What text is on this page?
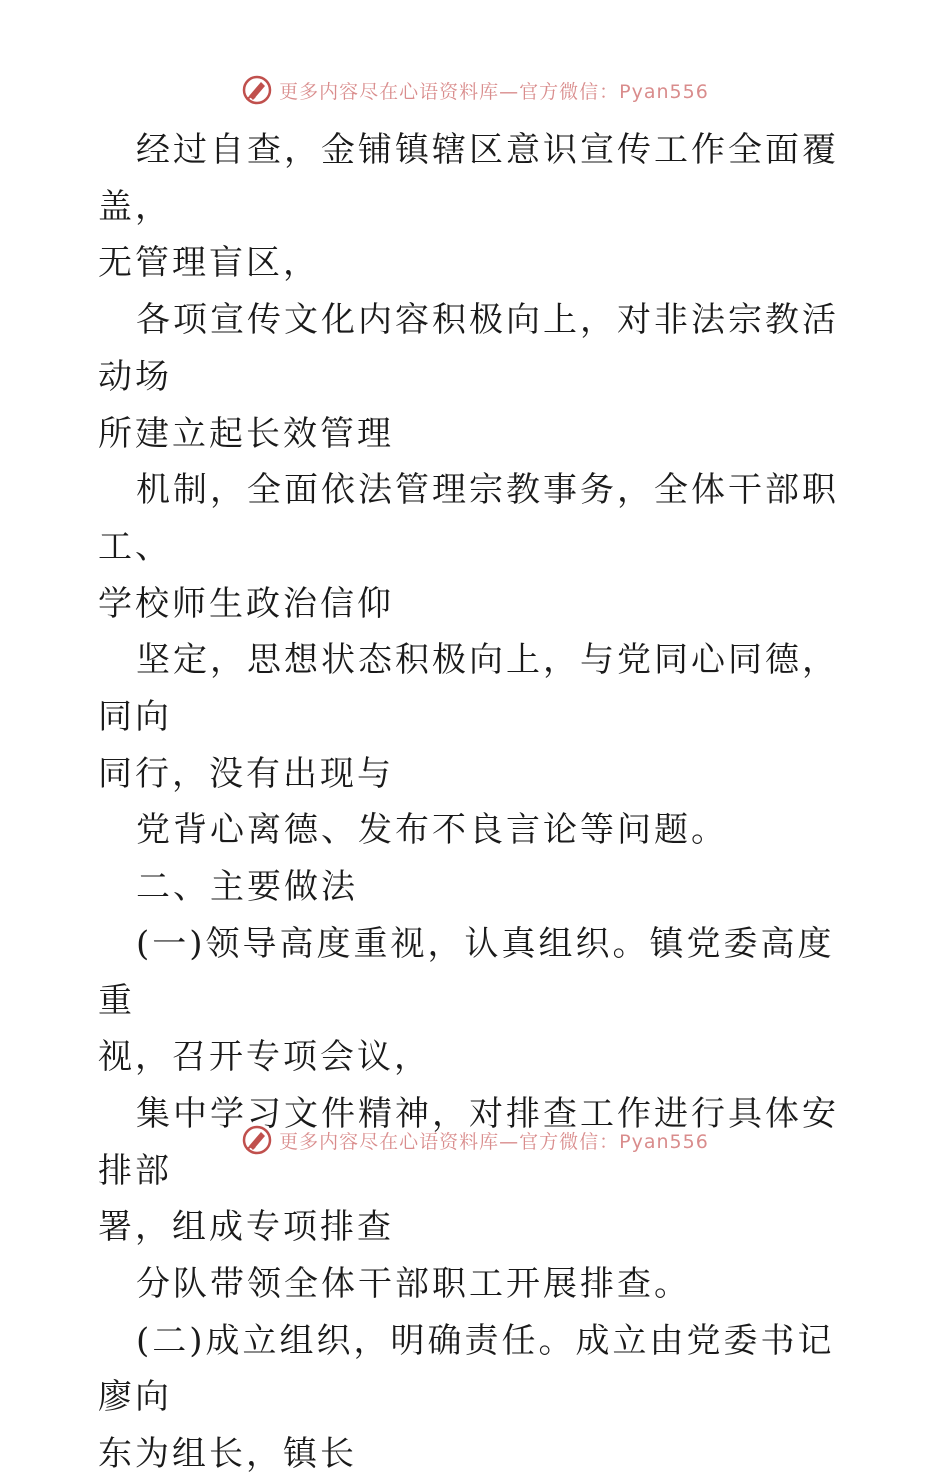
更多内容尽在心语资料库—官方微信：Pyan556

经过自查，金铺镇辖区意识宣传工作全面覆盖，

无管理盲区，

各项宣传文化内容积极向上，对非法宗教活动场

所建立起长效管理

机制，全面依法管理宗教事务，全体干部职工、

学校师生政治信仰

坚定，思想状态积极向上，与党同心同德，同向

同行，没有出现与

党背心离德、发布不良言论等问题。

二、主要做法

(一)领导高度重视，认真组织。镇党委高度重

视，召开专项会议，

集中学习文件精神，对排查工作进行具体安排部

署，组成专项排查

分队带领全体干部职工开展排查。

(二)成立组织，明确责任。成立由党委书记廖向

东为组长，镇长

更多内容尽在心语资料库—官方微信：Pyan556
